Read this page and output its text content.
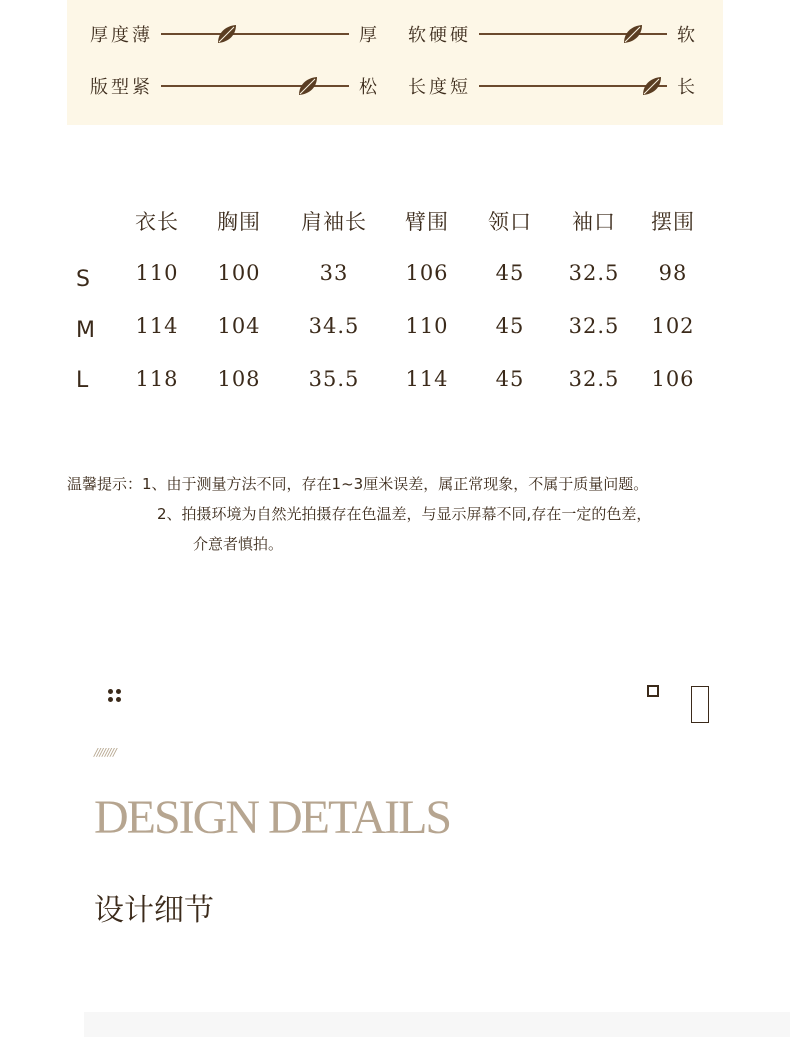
厚度 薄	厚 软硬 硬	软
版型 紧	松 长度 短	长
衣长 胸围 肩袖长 臂围 领口 袖口 摆围
S 110 100	33	106 45 32.5 98
M 114 104 34.5 110 45 32.5 102
L 118 108 35.5 114 45 32.5 106
温馨提示：1、由于测量方法不同，存在1~3厘米误差，属正常现象，不属于质量问题。
2、拍摄环境为自然光拍摄存在色温差，与显示屏幕不同,存在一定的色差，
介意者慎拍。
////////
DESIGN DETAILS
设计细节
